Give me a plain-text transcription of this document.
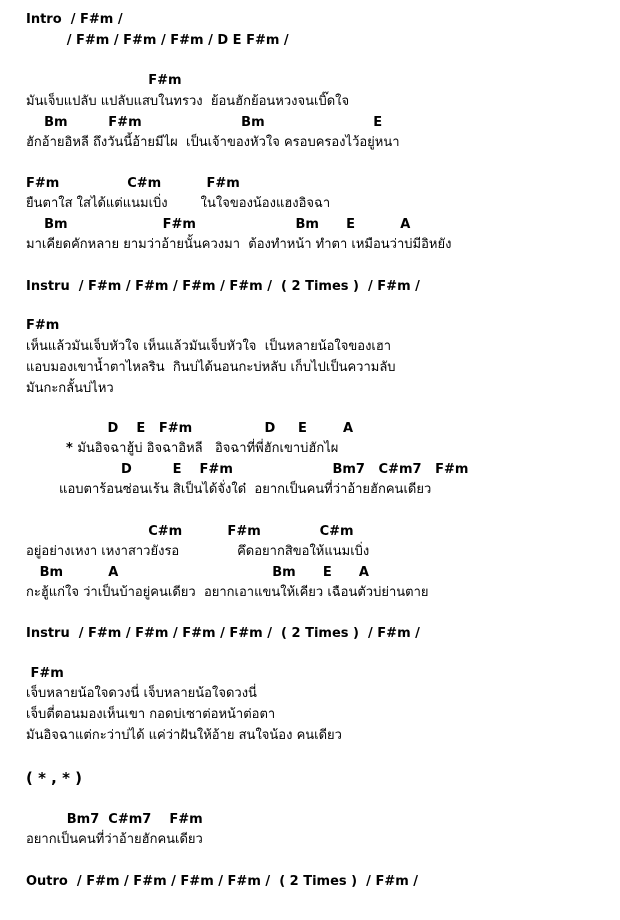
Intro  / F#m /
/ F#m / F#m / F#m / D E F#m /
F#m
มันเจ็บแปลับ แปลับแสบในทรวง  ย้อนฮักย้อนหวงจนเบิ๊ดใจ
Bm         F#m                      Bm                        E
ฮักอ้ายอิหลี ถึงวันนี้อ้ายมีไผ  เป็นเจ้าของหัวใจ ครอบครองไว้อยู่หนา
F#m               C#m          F#m
ยืนตาใส ใสได้แต่แนมเบิ่ง        ในใจของน้องแฮงอิจฉา
Bm                     F#m                      Bm      E          A
มาเคียดคักหลาย ยามว่าอ้ายนั้นควงมา  ต้องทำหน้า ทำตา เหมือนว่าบ่มีอิหยัง
Instru  / F#m / F#m / F#m / F#m /  ( 2 Times )  / F#m /
F#m
เห็นแล้วมันเจ็บหัวใจ เห็นแล้วมันเจ็บหัวใจ  เป็นหลายน้อใจของเฮา
แอบมองเขาน้ำตาไหลริน  กินบ่ได้นอนกะบ่หลับ เก็บไปเป็นความลับ
มันกะกลั้นบ่ไหว
D    E   F#m                D     E        A
* มันอิจฉาฮู้บ่ อิจฉาอิหลี   อิจฉาที่พี่ฮักเขาบ่ฮักไผ
D         E    F#m                      Bm7   C#m7   F#m
แอบตาร้อนซ่อนเร้น สิเป็นได้จั่งใด๋  อยากเป็นคนที่ว่าอ้ายฮักคนเดียว
C#m          F#m             C#m
อยู่อย่างเหงา เหงาสาวยังรอ              คึดอยากสิขอให้แนมเบิ่ง
Bm          A                                  Bm      E      A
กะฮู้แก่ใจ ว่าเป็นบ้าอยู่คนเดียว  อยากเอาแขนให้เคียว เฉือนตัวบ่ย่านตาย
Instru  / F#m / F#m / F#m / F#m /  ( 2 Times )  / F#m /
F#m
เจ็บหลายน้อใจดวงนี่ เจ็บหลายน้อใจดวงนี่
เจ็บตี่ตอนมองเห็นเขา กอดบ่เซาต่อหน้าต่อตา
มันอิจฉาแต่กะว่าบ่ได้ แค่ว่าฝันให้อ้าย สนใจน้อง คนเดียว
( * , * )
Bm7  C#m7    F#m
อยากเป็นคนที่ว่าอ้ายฮักคนเดียว
Outro  / F#m / F#m / F#m / F#m /  ( 2 Times )  / F#m /
